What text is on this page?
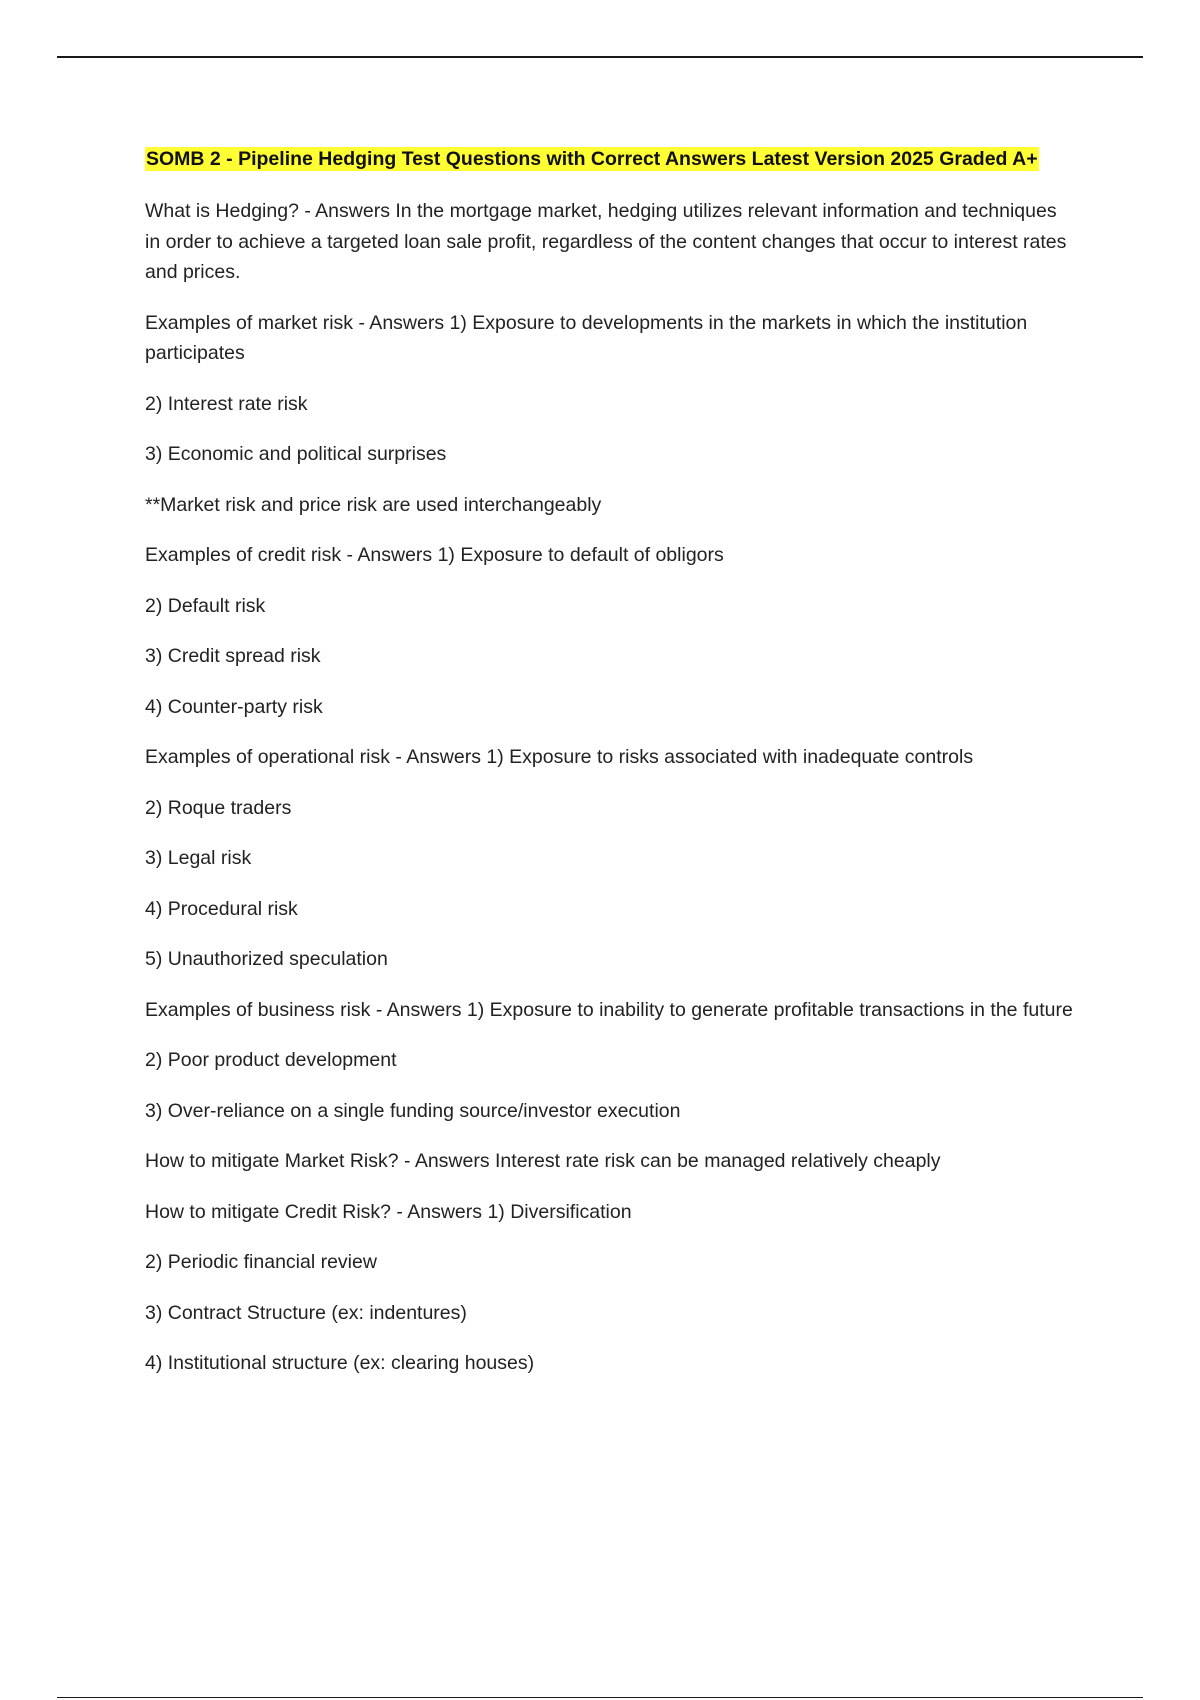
SOMB 2 - Pipeline Hedging Test Questions with Correct Answers Latest Version 2025 Graded A+
What is Hedging? - Answers In the mortgage market, hedging utilizes relevant information and techniques in order to achieve a targeted loan sale profit, regardless of the content changes that occur to interest rates and prices.
Examples of market risk - Answers 1) Exposure to developments in the markets in which the institution participates
2) Interest rate risk
3) Economic and political surprises
**Market risk and price risk are used interchangeably
Examples of credit risk - Answers 1) Exposure to default of obligors
2) Default risk
3) Credit spread risk
4) Counter-party risk
Examples of operational risk - Answers 1) Exposure to risks associated with inadequate controls
2) Roque traders
3) Legal risk
4) Procedural risk
5) Unauthorized speculation
Examples of business risk - Answers 1) Exposure to inability to generate profitable transactions in the future
2) Poor product development
3) Over-reliance on a single funding source/investor execution
How to mitigate Market Risk? - Answers Interest rate risk can be managed relatively cheaply
How to mitigate Credit Risk? - Answers 1) Diversification
2) Periodic financial review
3) Contract Structure (ex: indentures)
4) Institutional structure (ex: clearing houses)
